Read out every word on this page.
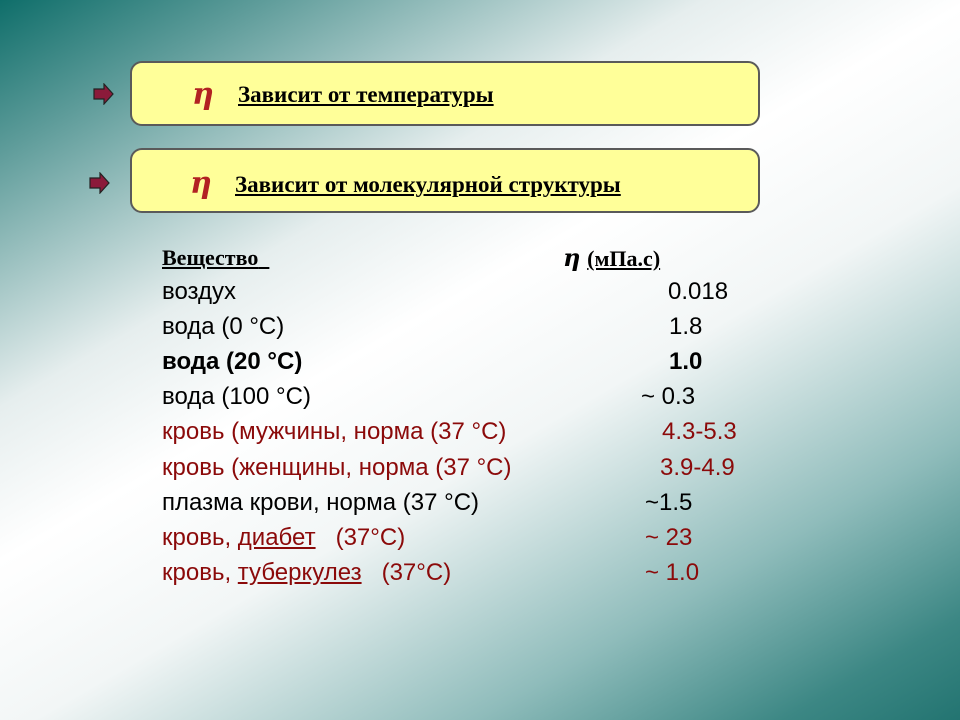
η Зависит от температуры
η Зависит от молекулярной структуры
Вещество	η (мПа.с)
воздух	0.018
вода (0 °C)	1.8
вода (20 °C)	1.0
вода (100 °C)	~ 0.3
кровь (мужчины, норма (37 °C)	4.3-5.3
кровь (женщины, норма (37 °C)	3.9-4.9
плазма крови, норма (37 °C)	~1.5
кровь, диабет (37°C)	~ 23
кровь, туберкулез (37°C)	~ 1.0
